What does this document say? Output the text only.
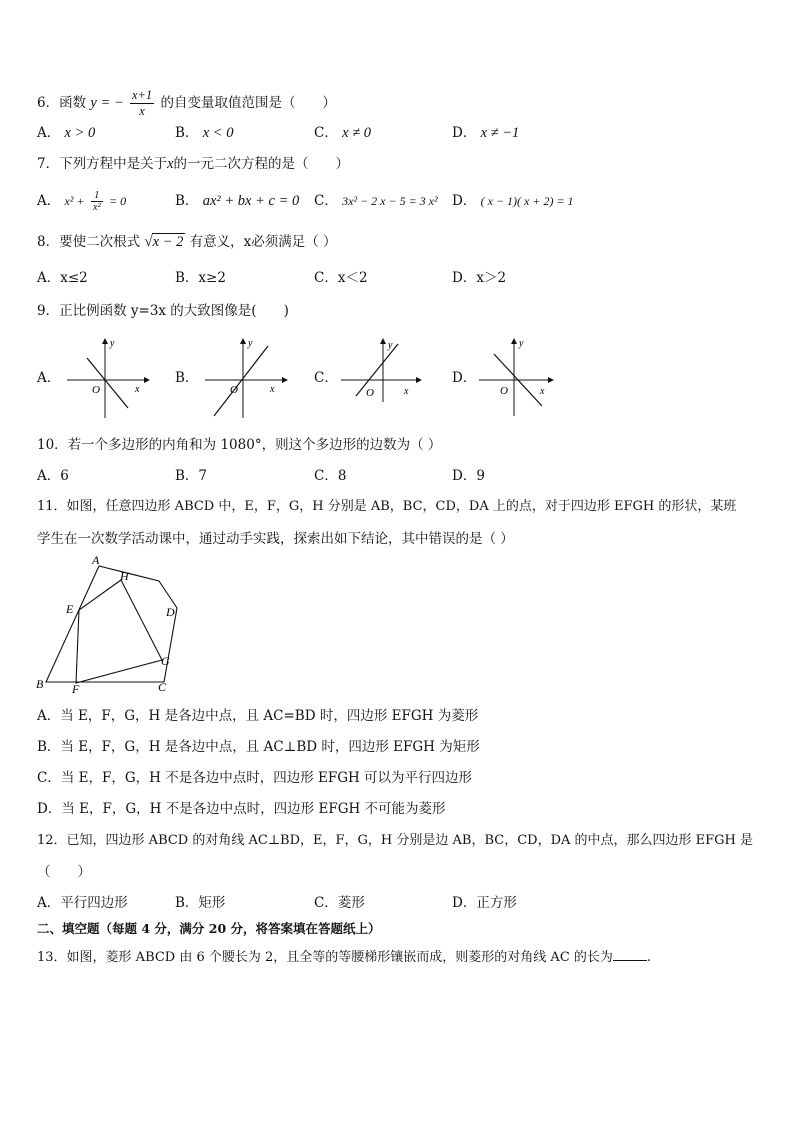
6．函数 y = − $\frac{x+1}{x}$ 的自变量取值范围是（　　）
A． x > 0	B． x < 0	C． x ≠ 0	D． x ≠ −1
7．下列方程中是关于x的一元二次方程的是（　　）
A． $x^2 + \frac{1}{\text{x²}} = 0$	B． ax² + bx + c = 0 C． 3x² − 2 x − 5 = 3 x² D． ( x − 1)( x + 2) = 1
8．要使二次根式 √x − 2 有意义，x必须满足（ ）
A．x≤2	B．x≥2	C．x＜2	D．x＞2
9．正比例函数 y=3x 的大致图像是(　　)
A．	B．	C．	D．
y
x
O
y
x
O
y
x
O
y
x
O
10．若一个多边形的内角和为 1080°，则这个多边形的边数为（ ）
A．6	B．7	C．8	D．9
11．如图，任意四边形 ABCD 中，E，F，G，H 分别是 AB，BC，CD，DA 上的点，对于四边形 EFGH 的形状，某班
学生在一次数学活动课中，通过动手实践，探索出如下结论，其中错误的是（ ）
A
H
E	D
G
B F	C
A．当 E，F，G，H 是各边中点，且 AC=BD 时，四边形 EFGH 为菱形
B．当 E，F，G，H 是各边中点，且 AC⊥BD 时，四边形 EFGH 为矩形
C．当 E，F，G，H 不是各边中点时，四边形 EFGH 可以为平行四边形
D．当 E，F，G，H 不是各边中点时，四边形 EFGH 不可能为菱形
12．已知，四边形 ABCD 的对角线 AC⊥BD，E，F，G，H 分别是边 AB，BC，CD，DA 的中点，那么四边形 EFGH 是
（　　）
A．平行四边形	B．矩形	C．菱形	D．正方形
二、填空题（每题 4 分，满分 20 分，将答案填在答题纸上）
13．如图，菱形 ABCD 由 6 个腰长为 2，且全等的等腰梯形镶嵌而成，则菱形的对角线 AC 的长为	.
